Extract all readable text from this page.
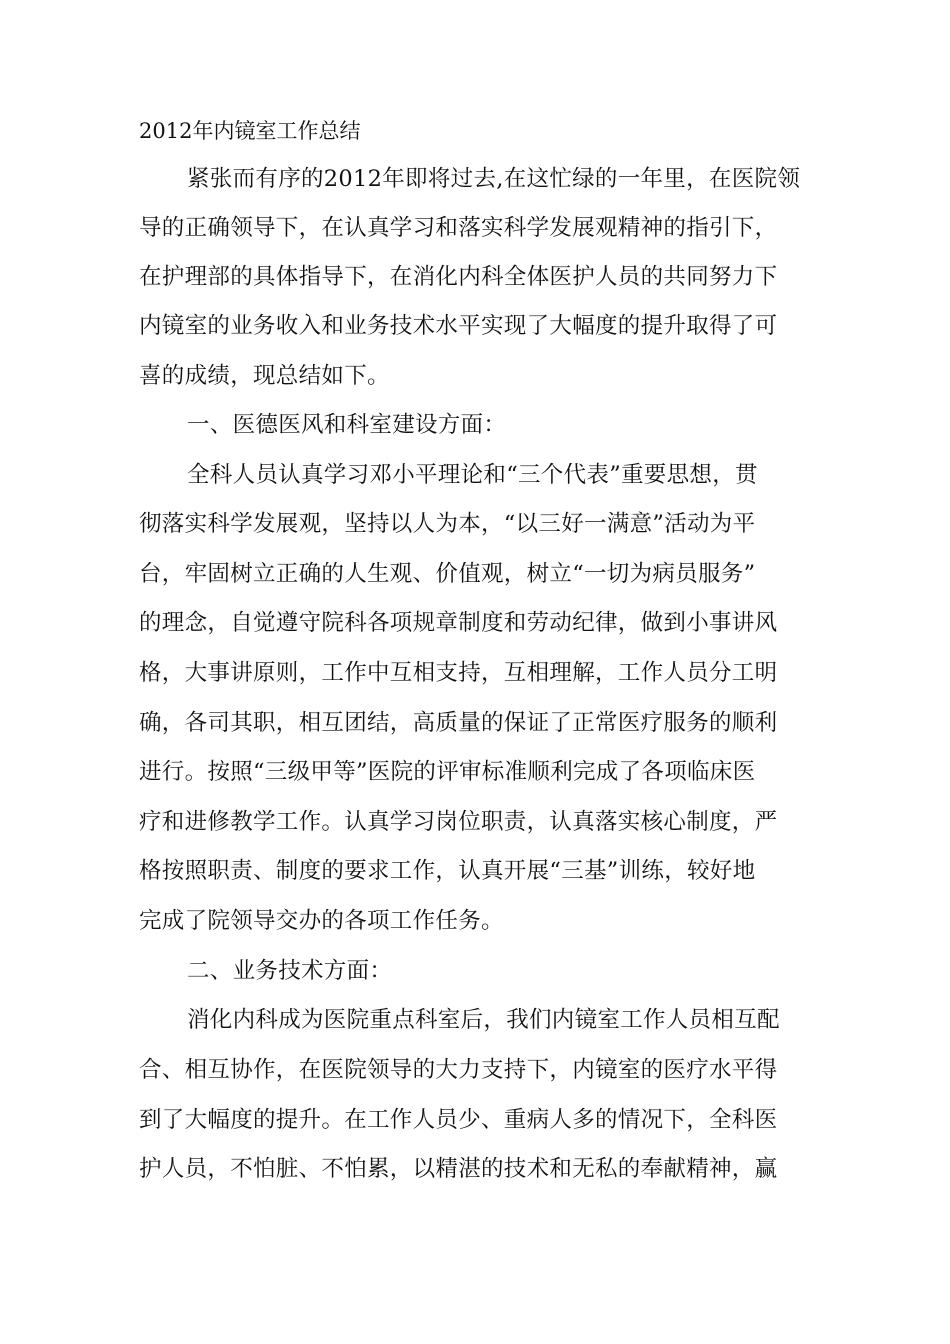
2012年内镜室工作总结
紧张而有序的2012年即将过去,在这忙绿的一年里，在医院领
导的正确领导下，在认真学习和落实科学发展观精神的指引下，
在护理部的具体指导下，在消化内科全体医护人员的共同努力下
内镜室的业务收入和业务技术水平实现了大幅度的提升取得了可
喜的成绩，现总结如下。
一、医德医风和科室建设方面：
全科人员认真学习邓小平理论和“三个代表”重要思想，贯
彻落实科学发展观，坚持以人为本，“以三好一满意”活动为平
台，牢固树立正确的人生观、价值观，树立“一切为病员服务”
的理念，自觉遵守院科各项规章制度和劳动纪律，做到小事讲风
格，大事讲原则，工作中互相支持，互相理解，工作人员分工明
确，各司其职，相互团结，高质量的保证了正常医疗服务的顺利
进行。按照“三级甲等”医院的评审标准顺利完成了各项临床医
疗和进修教学工作。认真学习岗位职责，认真落实核心制度，严
格按照职责、制度的要求工作，认真开展“三基”训练，较好地
完成了院领导交办的各项工作任务。
二、业务技术方面：
消化内科成为医院重点科室后，我们内镜室工作人员相互配
合、相互协作，在医院领导的大力支持下，内镜室的医疗水平得
到了大幅度的提升。在工作人员少、重病人多的情况下，全科医
护人员，不怕脏、不怕累，以精湛的技术和无私的奉献精神，赢
